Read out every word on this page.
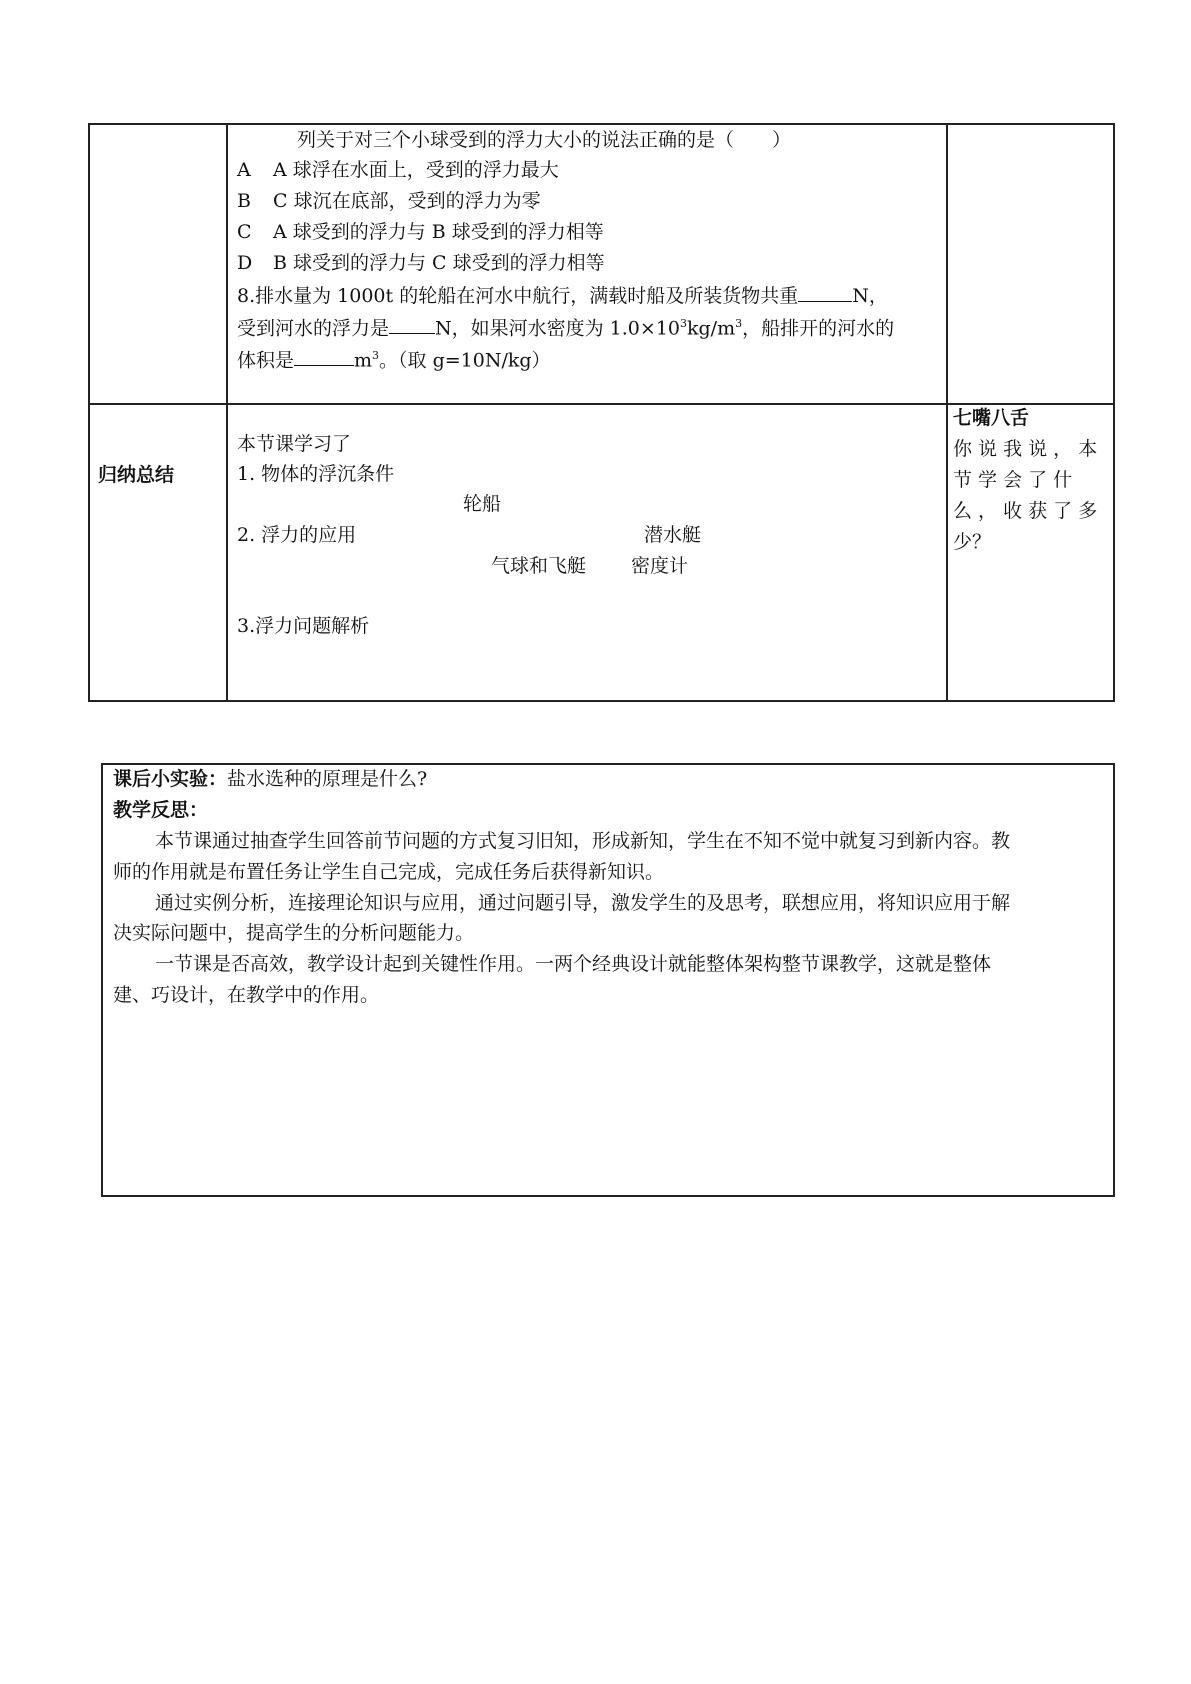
列关于对三个小球受到的浮力大小的说法正确的是（　　）
A A 球浮在水面上，受到的浮力最大
B C 球沉在底部，受到的浮力为零
C A 球受到的浮力与 B 球受到的浮力相等
D B 球受到的浮力与 C 球受到的浮力相等
8.排水量为 1000t 的轮船在河水中航行，满载时船及所装货物共重	N，
受到河水的浮力是 N，如果河水密度为 $1.0\times 10^3kg/m^3$，船排开的河水的
体积是	$m^3$。（取 g=10N/kg）
归纳总结
本节课学习了
1. 物体的浮沉条件
轮船
2. 浮力的应用	潜水艇
气球和飞艇 密度计
3.浮力问题解析
七嘴八舌
你 说 我 说 ， 本
节 学 会 了 什
么 ， 收 获 了 多
少？
课后小实验：盐水选种的原理是什么?
教学反思：
本节课通过抽查学生回答前节问题的方式复习旧知，形成新知，学生在不知不觉中就复习到新内容。教
师的作用就是布置任务让学生自己完成，完成任务后获得新知识。
通过实例分析，连接理论知识与应用，通过问题引导，激发学生的及思考，联想应用，将知识应用于解
决实际问题中，提高学生的分析问题能力。
一节课是否高效，教学设计起到关键性作用。一两个经典设计就能整体架构整节课教学，这就是整体
建、巧设计，在教学中的作用。
